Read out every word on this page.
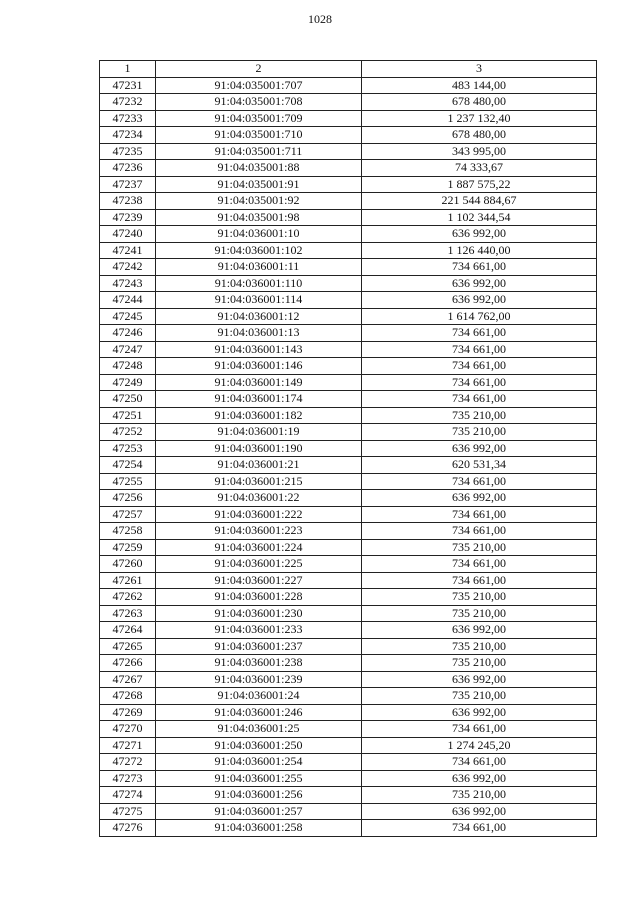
1028
1	2	3
47231	91:04:035001:707	483 144,00
47232	91:04:035001:708	678 480,00
47233	91:04:035001:709	1 237 132,40
47234	91:04:035001:710	678 480,00
47235	91:04:035001:711	343 995,00
47236	91:04:035001:88	74 333,67
47237	91:04:035001:91	1 887 575,22
47238	91:04:035001:92	221 544 884,67
47239	91:04:035001:98	1 102 344,54
47240	91:04:036001:10	636 992,00
47241	91:04:036001:102	1 126 440,00
47242	91:04:036001:11	734 661,00
47243	91:04:036001:110	636 992,00
47244	91:04:036001:114	636 992,00
47245	91:04:036001:12	1 614 762,00
47246	91:04:036001:13	734 661,00
47247	91:04:036001:143	734 661,00
47248	91:04:036001:146	734 661,00
47249	91:04:036001:149	734 661,00
47250	91:04:036001:174	734 661,00
47251	91:04:036001:182	735 210,00
47252	91:04:036001:19	735 210,00
47253	91:04:036001:190	636 992,00
47254	91:04:036001:21	620 531,34
47255	91:04:036001:215	734 661,00
47256	91:04:036001:22	636 992,00
47257	91:04:036001:222	734 661,00
47258	91:04:036001:223	734 661,00
47259	91:04:036001:224	735 210,00
47260	91:04:036001:225	734 661,00
47261	91:04:036001:227	734 661,00
47262	91:04:036001:228	735 210,00
47263	91:04:036001:230	735 210,00
47264	91:04:036001:233	636 992,00
47265	91:04:036001:237	735 210,00
47266	91:04:036001:238	735 210,00
47267	91:04:036001:239	636 992,00
47268	91:04:036001:24	735 210,00
47269	91:04:036001:246	636 992,00
47270	91:04:036001:25	734 661,00
47271	91:04:036001:250	1 274 245,20
47272	91:04:036001:254	734 661,00
47273	91:04:036001:255	636 992,00
47274	91:04:036001:256	735 210,00
47275	91:04:036001:257	636 992,00
47276	91:04:036001:258	734 661,00
